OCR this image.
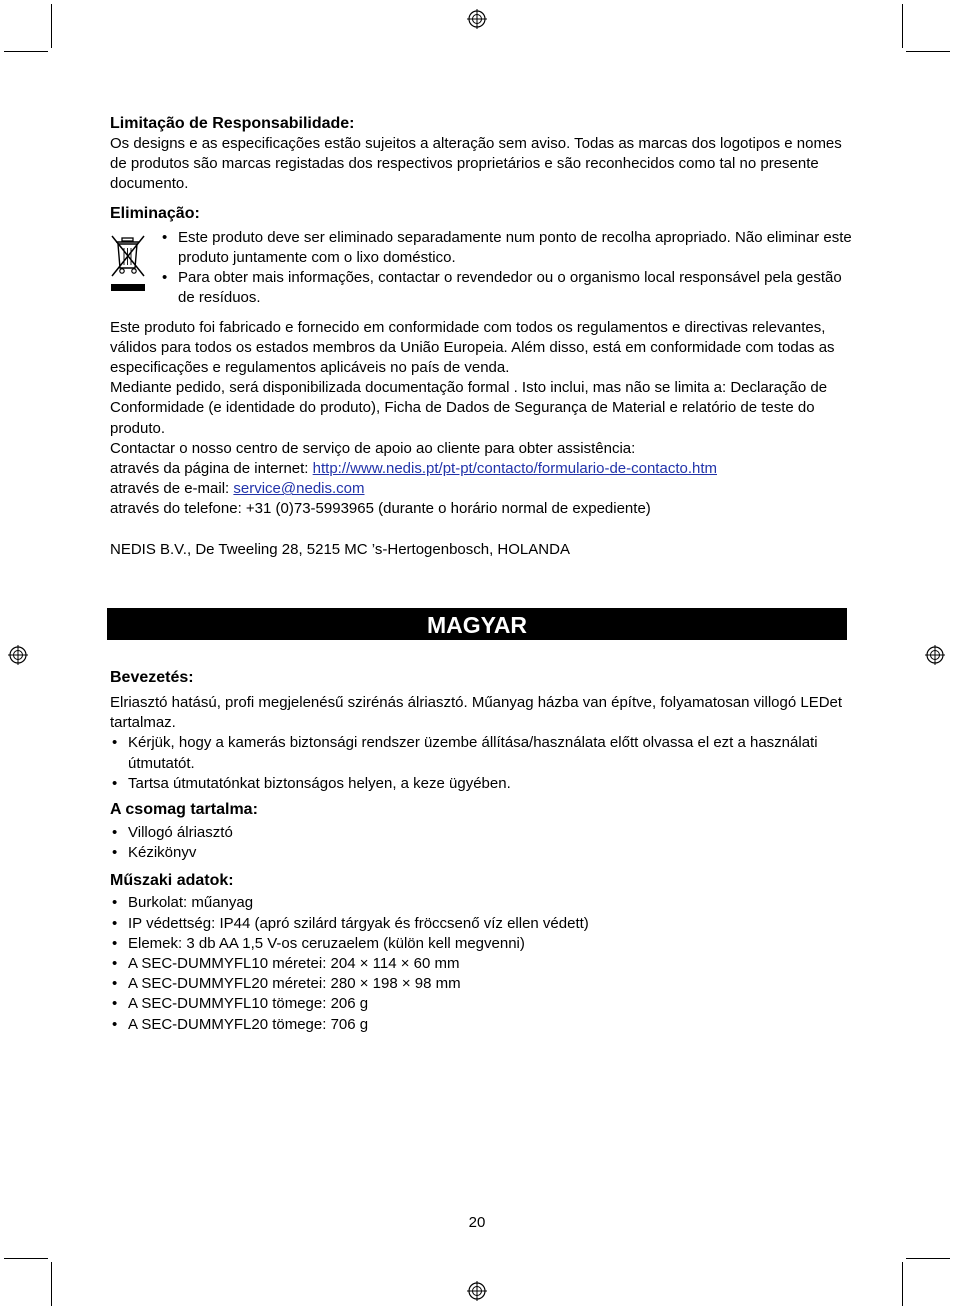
Limitação de Responsabilidade:

Os designs e as especificações estão sujeitos a alteração sem aviso. Todas as marcas dos logotipos e nomes de produtos são marcas registadas dos respectivos proprietários e são reconhecidos como tal no presente documento.

Eliminação:
• Este produto deve ser eliminado separadamente num ponto de recolha apropriado. Não eliminar este produto juntamente com o lixo doméstico.
• Para obter mais informações, contactar o revendedor ou o organismo local responsável pela gestão de resíduos.

Este produto foi fabricado e fornecido em conformidade com todos os regulamentos e directivas relevantes, válidos para todos os estados membros da União Europeia. Além disso, está em conformidade com todas as especificações e regulamentos aplicáveis no país de venda.

Mediante pedido, será disponibilizada documentação formal . Isto inclui, mas não se limita a: Declaração de Conformidade (e identidade do produto), Ficha de Dados de Segurança de Material e relatório de teste do produto.

Contactar o nosso centro de serviço de apoio ao cliente para obter assistência:

através da página de internet: http://www.nedis.pt/pt-pt/contacto/formulario-de-contacto.htm

através de e-mail: service@nedis.com

através do telefone: +31 (0)73-5993965 (durante o horário normal de expediente)

NEDIS B.V., De Tweeling 28, 5215 MC ’s-Hertogenbosch, HOLANDA

MAGYAR
Bevezetés:

Elriasztó hatású, profi megjelenésű szirénás álriasztó. Műanyag házba van építve, folyamatosan villogó LEDet tartalmaz.

• Kérjük, hogy a kamerás biztonsági rendszer üzembe állítása/használata előtt olvassa el ezt a használati útmutatót.
• Tartsa útmutatónkat biztonságos helyen, a keze ügyében.
A csomag tartalma:
• Villogó álriasztó
• Kézikönyv
Műszaki adatok:
• Burkolat: műanyag
• IP védettség: IP44 (apró szilárd tárgyak és fröccsenő víz ellen védett)
• Elemek: 3 db AA 1,5 V-os ceruzaelem (külön kell megvenni)
• A SEC-DUMMYFL10 méretei: 204 × 114 × 60 mm
• A SEC-DUMMYFL20 méretei: 280 × 198 × 98 mm
• A SEC-DUMMYFL10 tömege: 206 g
• A SEC-DUMMYFL20 tömege: 706 g
20
